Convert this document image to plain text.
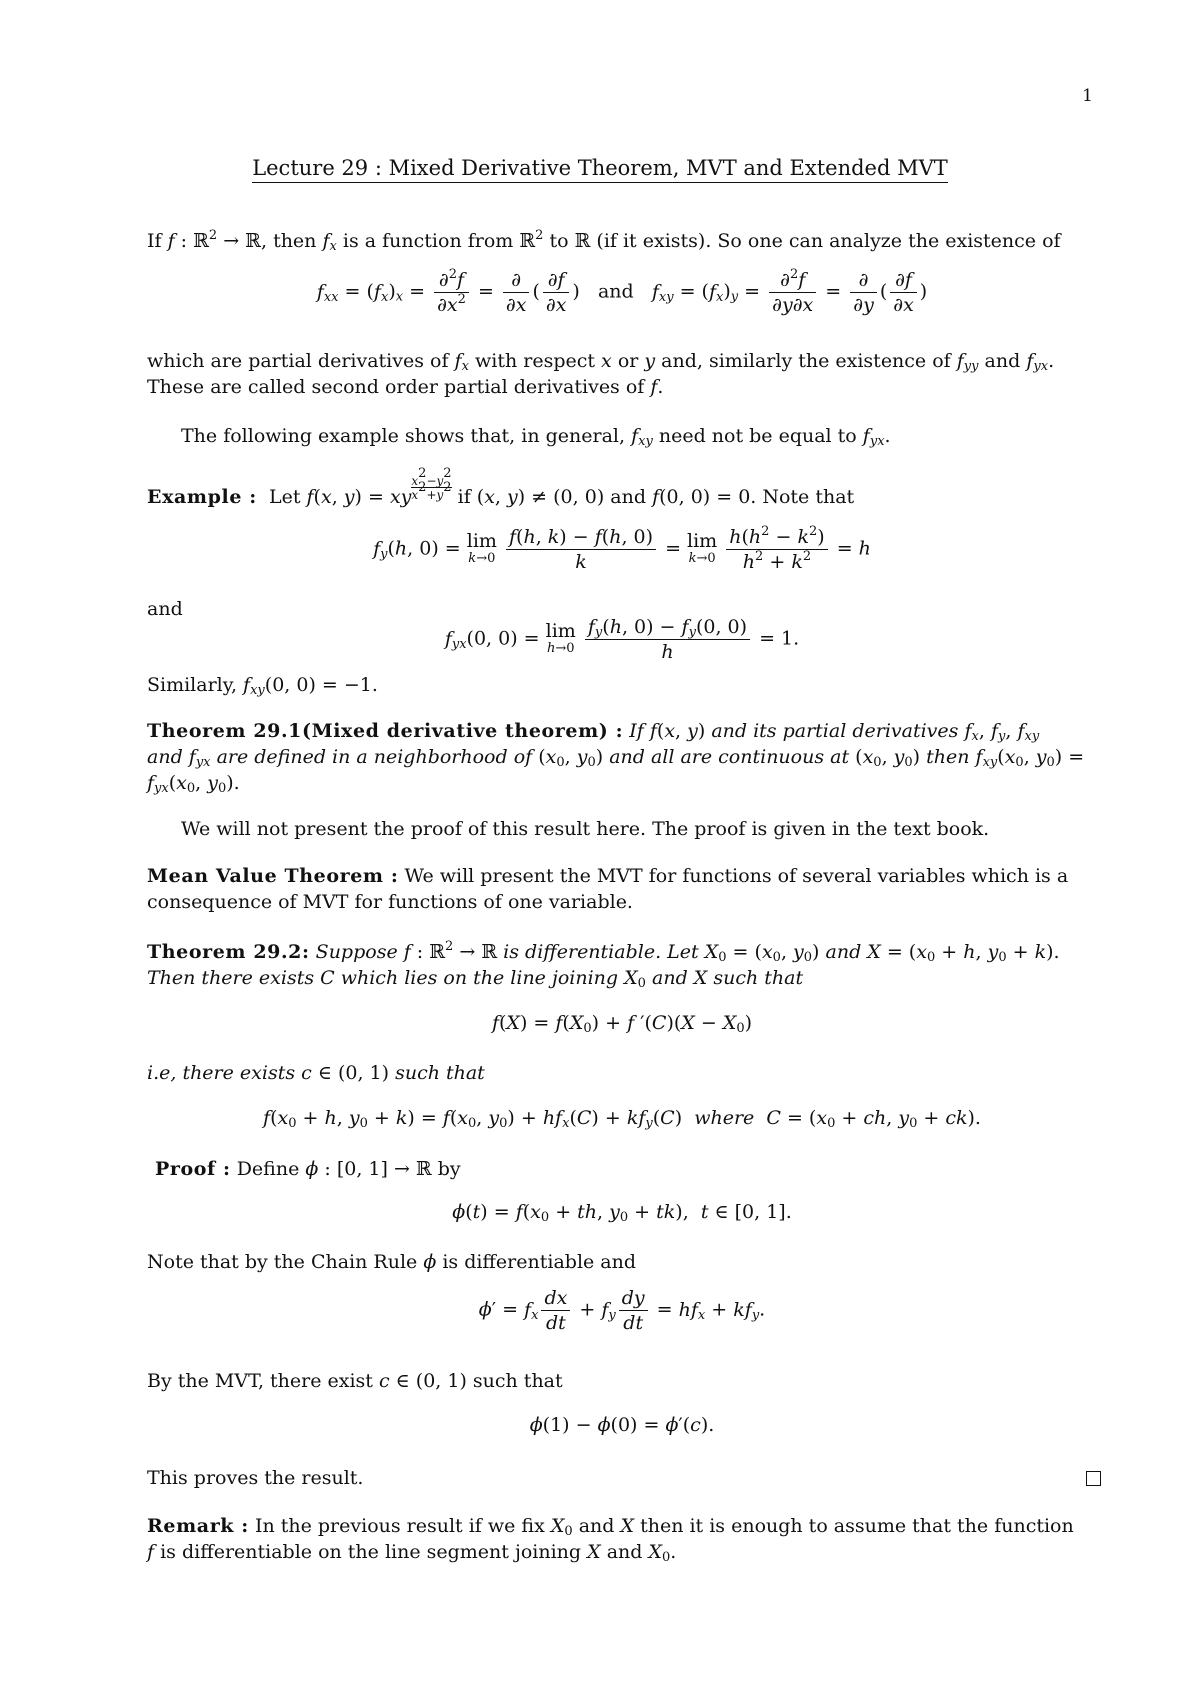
1
Lecture 29 : Mixed Derivative Theorem, MVT and Extended MVT
If f : ℝ$^2$ → ℝ, then $f_x$ is a function from ℝ$^2$ to ℝ (if it exists). So one can analyze the existence of
$f_{xx} = (f_x)_x = \frac{\partial^2f}{\partial x^2} = \frac{\partial}{\partial x}$ ( $\frac{\partial f}{\partial x}$ )   and $f_{xy} = (f_x)_y = \frac{\partial^2f}{\partial y\partial x} = \frac{\partial}{\partial y}$ ( $\frac{\partial f}{\partial x}$ )
which are partial derivatives of $f_x$ with respect x or y and, similarly the existence of $f_{yy}$ and $f_{yx}$.
These are called second order partial derivatives of f.
The following example shows that, in general, $f_{xy}$ need not be equal to $f_{yx}$.
Example : Let f(x, y) = xy $\frac{x^2-y^2}{x^2+y^2}$ if (x, y) ≠ (0, 0) and f(0, 0) = 0. Note that
$f_y(h$, 0) = lim
k→0
$\frac{f(h, k) - f(h, 0)}{k} = \lim$
k→0
$\frac{h(h^2 - k^2)}{h^2 + k^2} = h$
and
$f_{yx}(0$, 0) = lim
h→0
$\frac{f_y(h, 0) - f_y(0, 0)}{h} = 1$.
Similarly, $f_{xy}(0$, 0) = −1.
Theorem 29.1(Mixed derivative theorem) : If f(x, y) and its partial derivatives $f_x$, $f_y$, $f_{xy}$
and $f_{yx}$ are defined in a neighborhood of ($x_0$, $y_0$) and all are continuous at ($x_0$, $y_0$) then $f_{xy}(x_0$, $y_0$) =
$f_{yx}(x_0$, $y_0$).
We will not present the proof of this result here. The proof is given in the text book.
Mean Value Theorem : We will present the MVT for functions of several variables which is a consequence of MVT for functions of one variable.
Theorem 29.2: Suppose f : ℝ$^2$ → ℝ is differentiable. Let $X_0 = (x_0$, $y_0$) and $X = (x_0 + h$, $y_0 + k$).
Then there exists C which lies on the line joining $X_0$ and X such that
$f(X) = f(X_0) + f$ $'(C)(X - X_0)$
i.e, there exists c ∈ (0, 1) such that
$f(x_0 + h$, $y_0 + k) = f(x_0$, $y_0) + hf_x(C) + kf_y(C)$  where $C = (x_0$ + ch, $y_0 + ck$).
Proof : Define ϕ : [0, 1] → ℝ by
$\phi(t) = f(x_0$ + th, $y_0 + tk$),  t ∈ [0, 1].
Note that by the Chain Rule ϕ is differentiable and
$\phi' = f_x \frac{dx}{dt} + f_y \frac{dy}{dt} = hf_x + kf_y$.
By the MVT, there exist c ∈ (0, 1) such that
ϕ(1) − ϕ(0) = ϕ′(c).
This proves the result.
Remark : In the previous result if we fix $X_0$ and X then it is enough to assume that the function
f is differentiable on the line segment joining X and $X_0$.
